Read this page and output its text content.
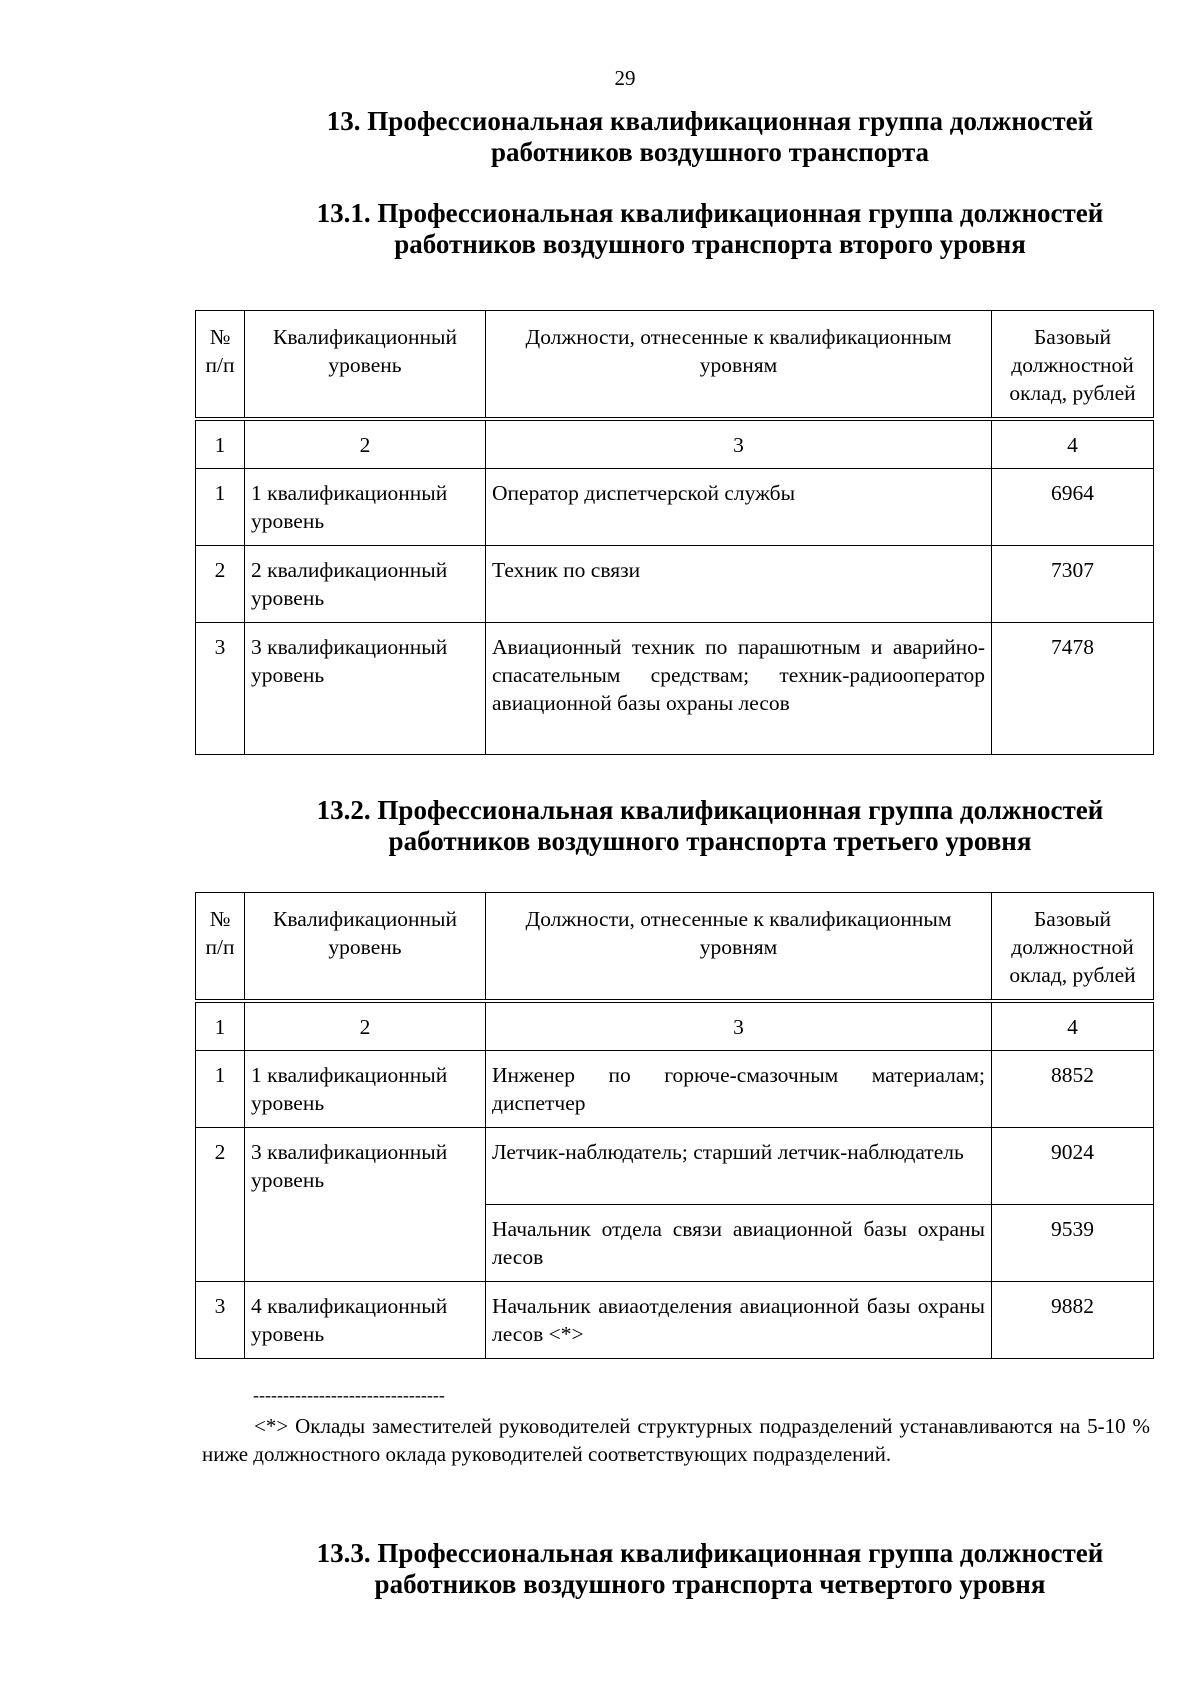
29
13. Профессиональная квалификационная группа должностей
работников воздушного транспорта
13.1. Профессиональная квалификационная группа должностей
работников воздушного транспорта второго уровня
№ п/п	Квалификационный уровень	Должности, отнесенные к квалификационным уровням	Базовый должностной оклад, рублей

1	2	3	4
1	1 квалификационный уровень	Оператор диспетчерской службы	6964
2	2 квалификационный уровень	Техник по связи	7307
3	3 квалификационный уровень	Авиационный техник по парашютным и аварийно-спасательным средствам; техник-радиооператор авиационной базы охраны лесов	7478
13.2. Профессиональная квалификационная группа должностей
работников воздушного транспорта третьего уровня
№ п/п	Квалификационный уровень	Должности, отнесенные к квалификационным уровням	Базовый должностной оклад, рублей

1	2	3	4
1	1 квалификационный уровень	Инженер по горюче-смазочным материалам; диспетчер	8852
2	3 квалификационный уровень	Летчик-наблюдатель; старший летчик-наблюдатель	9024
		Начальник отдела связи авиационной базы охраны лесов	9539
3	4 квалификационный уровень	Начальник авиаотделения авиационной базы охраны лесов <*>	9882
--------------------------------

<*> Оклады заместителей руководителей структурных подразделений устанавливаются на 5-10 % ниже должностного оклада руководителей соответствующих подразделений.

13.3. Профессиональная квалификационная группа должностей
работников воздушного транспорта четвертого уровня
